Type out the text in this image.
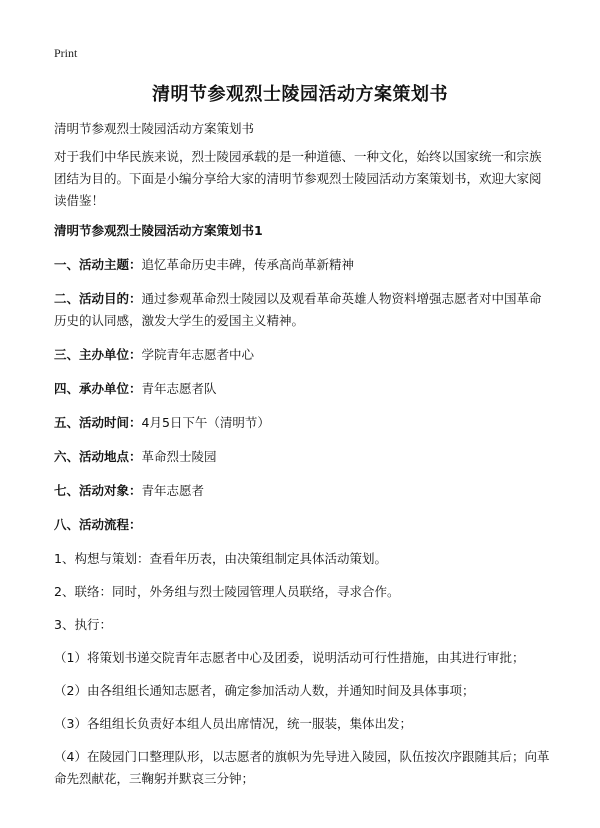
Print
清明节参观烈士陵园活动方案策划书

清明节参观烈士陵园活动方案策划书

对于我们中华民族来说，烈士陵园承载的是一种道德、一种文化，始终以国家统一和宗族团结为目的。下面是小编分享给大家的清明节参观烈士陵园活动方案策划书，欢迎大家阅读借鉴！

清明节参观烈士陵园活动方案策划书1

一、活动主题：追忆革命历史丰碑，传承高尚革新精神

二、活动目的：通过参观革命烈士陵园以及观看革命英雄人物资料增强志愿者对中国革命历史的认同感，激发大学生的爱国主义精神。

三、主办单位：学院青年志愿者中心

四、承办单位：青年志愿者队

五、活动时间：4月5日下午（清明节）

六、活动地点：革命烈士陵园

七、活动对象：青年志愿者

八、活动流程：

1、构想与策划：查看年历表，由决策组制定具体活动策划。

2、联络：同时，外务组与烈士陵园管理人员联络，寻求合作。

3、执行：

（1）将策划书递交院青年志愿者中心及团委，说明活动可行性措施，由其进行审批；

（2）由各组组长通知志愿者，确定参加活动人数，并通知时间及具体事项；

（3）各组组长负责好本组人员出席情况，统一服装，集体出发；

（4）在陵园门口整理队形，以志愿者的旗帜为先导进入陵园，队伍按次序跟随其后；向革命先烈献花，三鞠躬并默哀三分钟；
